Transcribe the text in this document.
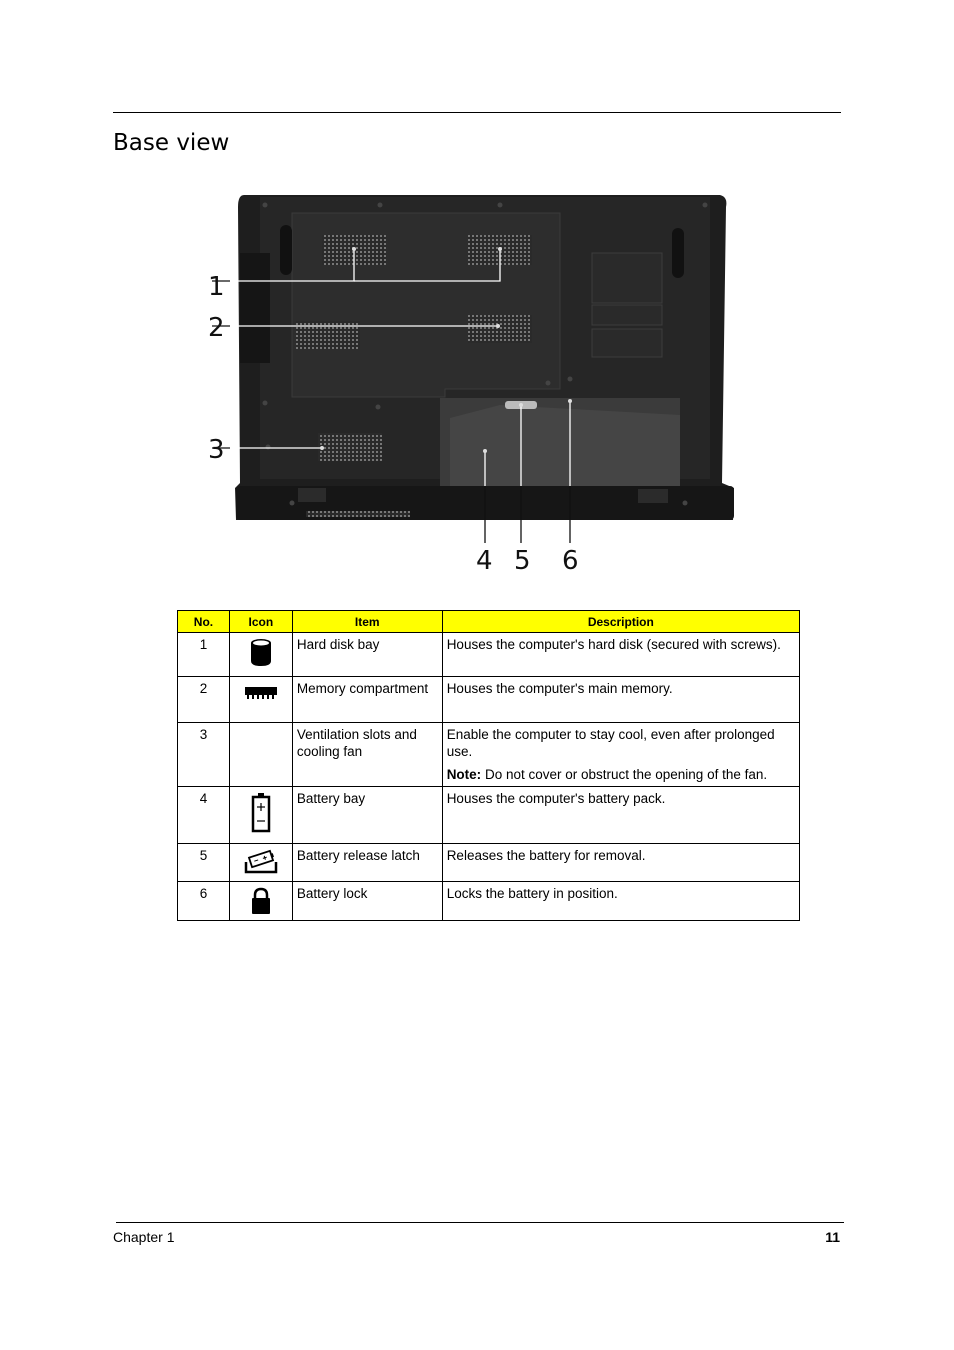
Base view
1
2
3
4 5 6
No.	Icon	Item	Description
1		Hard disk bay	Houses the computer's hard disk (secured with screws).
2		Memory compartment	Houses the computer's main memory.
3		Ventilation slots and cooling fan	Enable the computer to stay cool, even after prolonged use.
Note: Do not cover or obstruct the opening of the fan.

4		Battery bay	Houses the computer's battery pack.
5		Battery release latch	Releases the battery for removal.
6		Battery lock	Locks the battery in position.
Chapter 1	11
